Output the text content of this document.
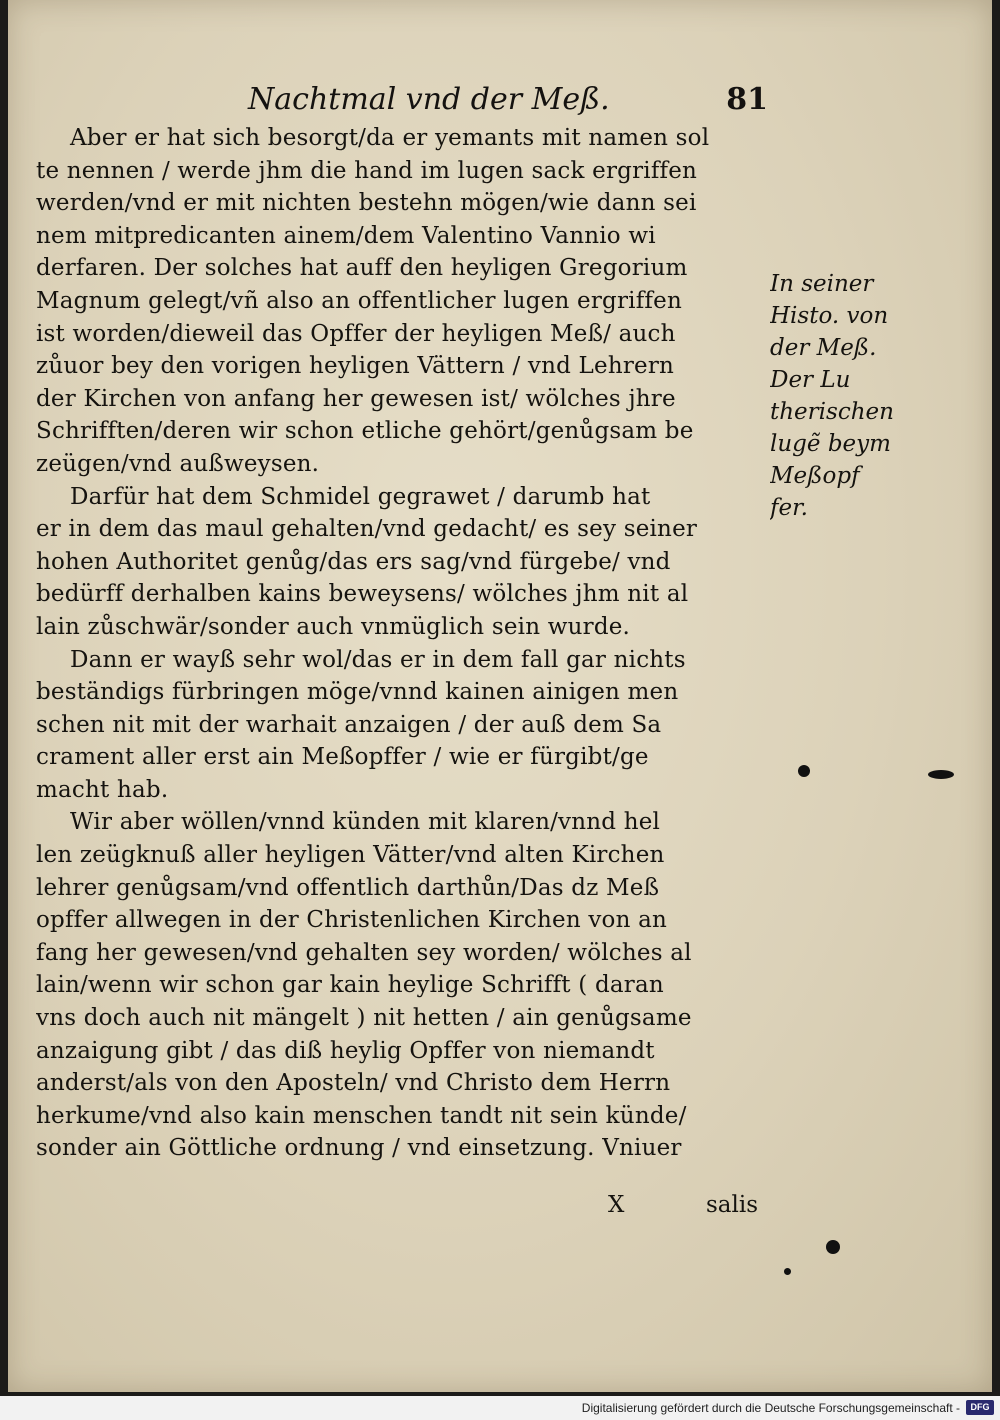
Nachtmal vnd der Meß.	81
Aber er hat sich besorgt/da er yemants mit namen sol
te nennen / werde jhm die hand im lugen sack ergriffen
werden/vnd er mit nichten bestehn mögen/wie dann sei
nem mitpredicanten ainem/dem Valentino Vannio wi
derfaren. Der solches hat auff den heyligen Gregorium
Magnum gelegt/vñ also an offentlicher lugen ergriffen
ist worden/dieweil das Opffer der heyligen Meß/ auch
zůuor bey den vorigen heyligen Vättern / vnd Lehrern
der Kirchen von anfang her gewesen ist/ wölches jhre
Schrifften/deren wir schon etliche gehört/genůgsam be
zeügen/vnd außweysen.
Darfür hat dem Schmidel gegrawet / darumb hat
er in dem das maul gehalten/vnd gedacht/ es sey seiner
hohen Authoritet genůg/das ers sag/vnd fürgebe/ vnd
bedürff derhalben kains beweysens/ wölches jhm nit al
lain zůschwär/sonder auch vnmüglich sein wurde.
Dann er wayß sehr wol/das er in dem fall gar nichts
beständigs fürbringen möge/vnnd kainen ainigen men
schen nit mit der warhait anzaigen / der auß dem Sa
crament aller erst ain Meßopffer / wie er fürgibt/ge
macht hab.
Wir aber wöllen/vnnd künden mit klaren/vnnd hel
len zeügknuß aller heyligen Vätter/vnd alten Kirchen
lehrer genůgsam/vnd offentlich darthůn/Das dz Meß
opffer allwegen in der Christenlichen Kirchen von an
fang her gewesen/vnd gehalten sey worden/ wölches al
lain/wenn wir schon gar kain heylige Schrifft ( daran
vns doch auch nit mängelt ) nit hetten / ain genůgsame
anzaigung gibt / das diß heylig Opffer von niemandt
anderst/als von den Aposteln/ vnd Christo dem Herrn
herkume/vnd also kain menschen tandt nit sein künde/
sonder ain Göttliche ordnung / vnd einsetzung. Vniuer
In seiner
Histo. von
der Meß.
Der Lu
therischen
lugẽ beym
Meßopf
fer.
X	salis
Digitalisierung gefördert durch die Deutsche Forschungsgemeinschaft -	DFG
